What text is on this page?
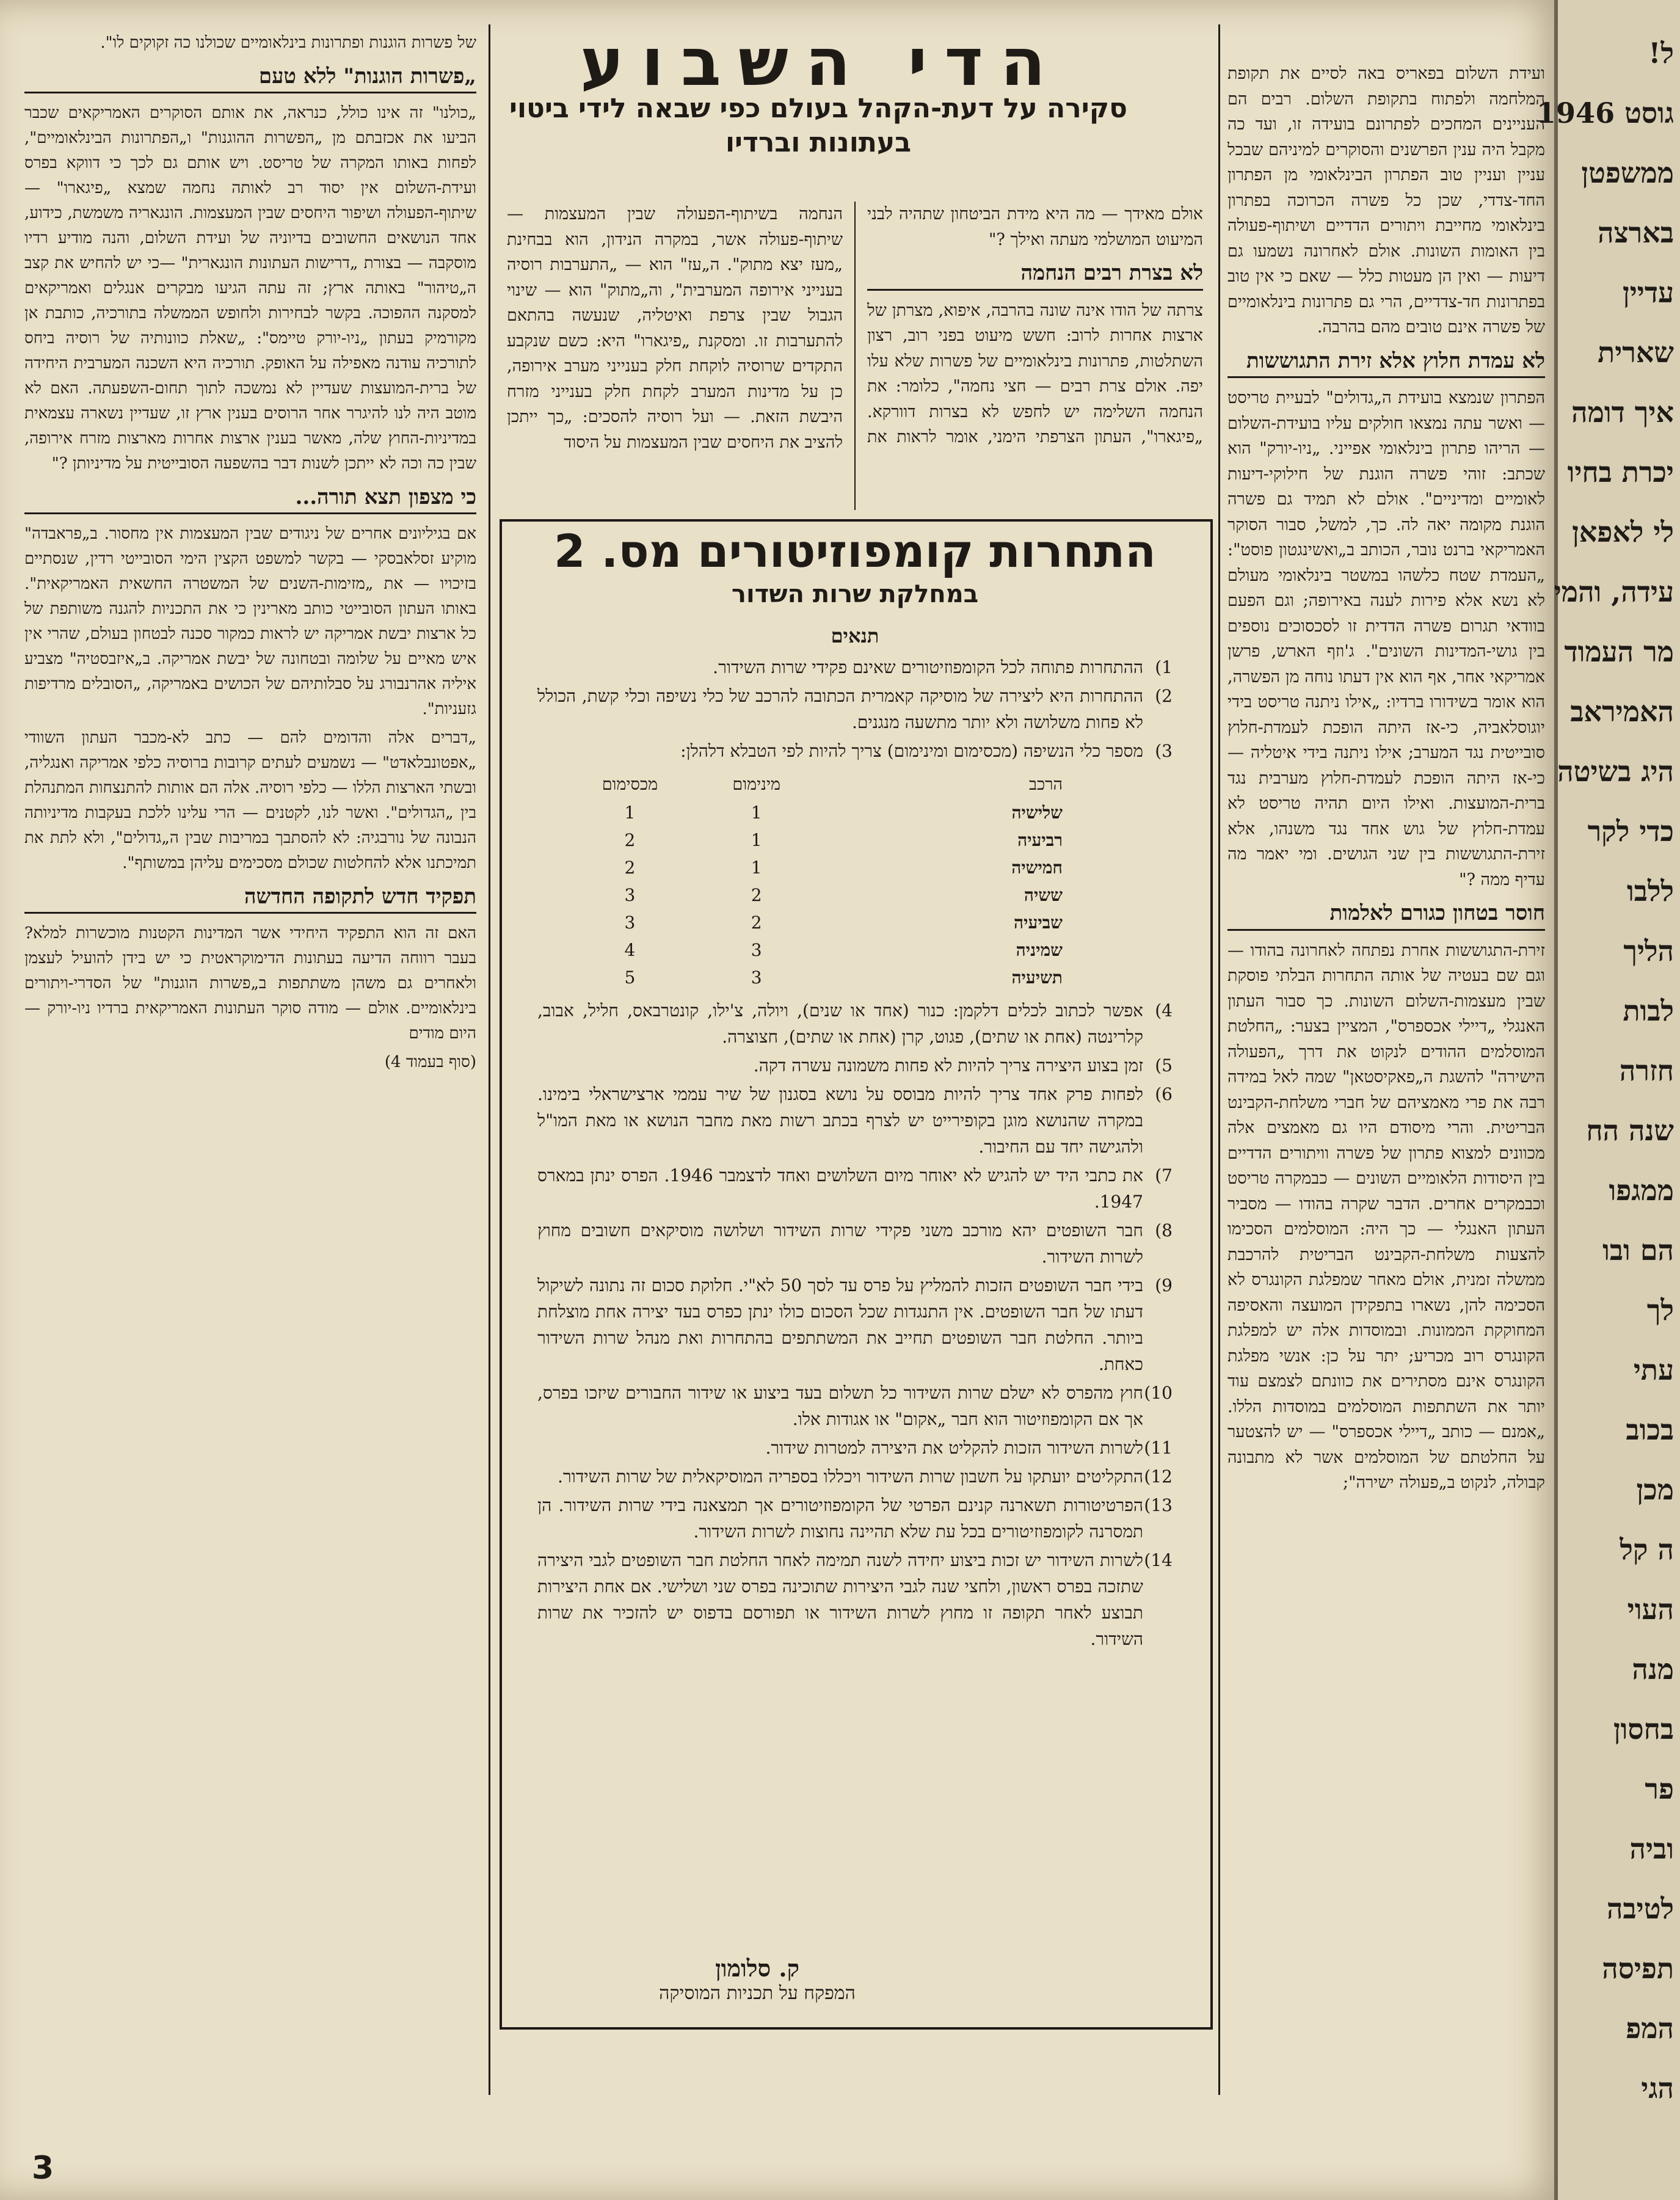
ל!
גוסט 1946
ממשפטן
בארצה
עדיין
שארית
איך דומה
יכרת בחיו
לי לאפאן
עידה, והמי
מר העמוד
האמיראב
היג בשיטה
כדי לקר
ללבו
הליך
לבות
חזרה
שנה הח
ממגפו
הם ובו
לך
עתי
בכוב
מכן
ה קל
העוי
מנה
בחסון
פר
וביה
לטיבה
תפיסה
המפ
הגי
הדי השבוע
סקירה על דעת-הקהל בעולם כפי שבאה לידי ביטוי בעתונות וברדיו

ועידת השלום בפאריס באה לסיים את תקופת המלחמה ולפתוח בתקופת השלום. רבים הם העניינים המחכים לפתרונם בועידה זו, ועד כה מקבל היה ענין הפרשנים והסוקרים למיניהם שבכל עניין ועניין טוב הפתרון הבינלאומי מן הפתרון החד-צדדי, שכן כל פשרה הכרוכה בפתרון בינלאומי מחייבת ויתורים הדדיים ושיתוף-פעולה בין האומות השונות. אולם לאחרונה נשמעו גם דיעות — ואין הן מעטות כלל — שאם כי אין טוב בפתרונות חד-צדדיים, הרי גם פתרונות בינלאומיים של פשרה אינם טובים מהם בהרבה.

לא עמדת חלוץ אלא זירת התגוששות

הפתרון שנמצא בועידת ה„גדולים" לבעיית טריסט — ואשר עתה נמצאו חולקים עליו בועידת-השלום — הריהו פתרון בינלאומי אפייני. „ניו-יורק" הוא שכתב: זוהי פשרה הוגנת של חילוקי-דיעות לאומיים ומדיניים". אולם לא תמיד גם פשרה הוגנת מקומה יאה לה. כך, למשל, סבור הסוקר האמריקאי ברנט נובר, הכותב ב„ואשינגטון פוסט": „העמדת שטח כלשהו במשטר בינלאומי מעולם לא נשא אלא פירות לענה באירופה; וגם הפעם בוודאי תגרום פשרה הדדית זו לסכסוכים נוספים בין גושי-המדינות השונים". ג'וזף הארש, פרשן אמריקאי אחר, אף הוא אין דעתו נוחה מן הפשרה, הוא אומר בשידורו ברדיו: „אילו ניתנה טריסט בידי יוגוסלאביה, כי-אז היתה הופכת לעמדת-חלוץ סובייטית נגד המערב; אילו ניתנה בידי איטליה — כי-אז היתה הופכת לעמדת-חלוץ מערבית נגד ברית-המועצות. ואילו היום תהיה טריסט לא עמדת-חלוץ של גוש אחד נגד משנהו, אלא זירת-התגוששות בין שני הגושים. ומי יאמר מה עדיף ממה ?"

חוסר בטחון כגורם לאלמות

זירת-התגוששות אחרת נפתחה לאחרונה בהודו — וגם שם בעטיה של אותה התחרות הבלתי פוסקת שבין מעצמות-השלום השונות. כך סבור העתון האנגלי „דיילי אכספרס", המציין בצער: „החלטת המוסלמים ההודים לנקוט את דרך „הפעולה הישירה" להשגת ה„פאקיסטאן" שמה לאל במידה רבה את פרי מאמציהם של חברי משלחת-הקבינט הבריטית. והרי מיסודם היו גם מאמצים אלה מכוונים למצוא פתרון של פשרה וויתורים הדדיים בין היסודות הלאומיים השונים — כבמקרה טריסט וכבמקרים אחרים. הדבר שקרה בהודו — מסביר העתון האנגלי — כך היה: המוסלמים הסכימו להצעות משלחת-הקבינט הבריטית להרכבת ממשלה זמנית, אולם מאחר שמפלגת הקונגרס לא הסכימה להן, נשארו בתפקידן המועצה והאסיפה המחוקקת הממונות. ובמוסדות אלה יש למפלגת הקונגרס רוב מכריע; יתר על כן: אנשי מפלגת הקונגרס אינם מסתירים את כוונתם לצמצם עוד יותר את השתתפות המוסלמים במוסדות הללו. „אמנם — כותב „דיילי אכספרס" — יש להצטער על החלטתם של המוסלמים אשר לא מתבונה קבולה, לנקוט ב„פעולה ישירה";

אולם מאידך — מה היא מידת הביטחון שתהיה לבני המיעוט המושלמי מעתה ואילך ?"

לא בצרת רבים הנחמה

צרתה של הודו אינה שונה בהרבה, איפוא, מצרתן של ארצות אחרות לרוב: חשש מיעוט בפני רוב, רצון השתלטות, פתרונות בינלאומיים של פשרות שלא עלו יפה. אולם צרת רבים — חצי נחמה", כלומר: את הנחמה השלימה יש לחפש לא בצרות דוורקא. „פיגארו", העתון הצרפתי הימני, אומר לראות את הנחמה בשיתוף-הפעולה שבין המעצמות — שיתוף-פעולה אשר, במקרה הנידון, הוא בבחינת „מעז יצא מתוק". ה„עז" הוא — „התערבות רוסיה בענייני אירופה המערבית", וה„מתוק" הוא — שינוי הגבול שבין צרפת ואיטליה, שנעשה בהתאם להתערבות זו. ומסקנת „פיגארו" היא: כשם שנקבע התקדים שרוסיה לוקחת חלק בענייני מערב אירופה, כן על מדינות המערב לקחת חלק בענייני מזרח היבשת הזאת. — ועל רוסיה להסכים: „כך ייתכן להציב את היחסים שבין המעצמות על היסוד

של פשרות הוגנות ופתרונות בינלאומיים שכולנו כה זקוקים לו".

„פשרות הוגנות" ללא טעם

„כולנו" זה אינו כולל, כנראה, את אותם הסוקרים האמריקאים שכבר הביעו את אכזבתם מן „הפשרות ההוגנות" ו„הפתרונות הבינלאומיים", לפחות באותו המקרה של טריסט. ויש אותם גם לכך כי דווקא בפרס ועידת-השלום אין יסוד רב לאותה נחמה שמצא „פיגארו" — שיתוף-הפעולה ושיפור היחסים שבין המעצמות. הונגאריה משמשת, כידוע, אחד הנושאים החשובים בדיוניה של ועידת השלום, והנה מודיע רדיו מוסקבה — בצורת „דרישות העתונות הונגארית" —כי יש להחיש את קצב ה„טיהור" באותה ארץ; זה עתה הגיעו מבקרים אנגלים ואמריקאים למסקנה ההפוכה. בקשר לבחירות ולחופש הממשלה בתורכיה, כותבת אן מקורמיק בעתון „ניו-יורק טיימס": „שאלת כוונותיה של רוסיה ביחס לתורכיה עודנה מאפילה על האופק. תורכיה היא השכנה המערבית היחידה של ברית-המועצות שעדיין לא נמשכה לתוך תחום-השפעתה. האם לא מוטב היה לנו להיגרר אחר הרוסים בענין ארץ זו, שעדיין נשארה עצמאית במדיניות-החוץ שלה, מאשר בענין ארצות אחרות מארצות מזרח אירופה, שבין כה וכה לא ייתכן לשנות דבר בהשפעה הסובייטית על מדיניותן ?"

כי מצפון תצא תורה...

אם בגיליונים אחרים של ניגודים שבין המעצמות אין מחסור. ב„פראבדה" מוקיע זסלאבסקי — בקשר למשפט הקצין הימי הסובייטי רדין, שנסתיים בזיכויו — את „מזימות-השנים של המשטרה החשאית האמריקאית". באותו העתון הסובייטי כותב מארינין כי את התכניות להגנה משותפת של כל ארצות יבשת אמריקה יש לראות כמקור סכנה לבטחון בעולם, שהרי אין איש מאיים על שלומה ובטחונה של יבשת אמריקה. ב„איזבסטיה" מצביע איליה אהרנבורג על סבלותיהם של הכושים באמריקה, „הסובלים מרדיפות גזעניות".

„דברים אלה והדומים להם — כתב לא-מכבר העתון השוודי „אפטונבלאדט" — נשמעים לעתים קרובות ברוסיה כלפי אמריקה ואנגליה, ובשתי הארצות הללו — כלפי רוסיה. אלה הם אותות להתנצחות המתנהלת בין „הגדולים". ואשר לנו, לקטנים — הרי עלינו ללכת בעקבות מדיניותה הנבונה של נורבגיה: לא להסתבך במריבות שבין ה„גדולים", ולא לתת את תמיכתנו אלא להחלטות שכולם מסכימים עליהן במשותף".

תפקיד חדש לתקופה החדשה

האם זה הוא התפקיד היחידי אשר המדינות הקטנות מוכשרות למלא? בעבר רווחה הדיעה בעתונות הדימוקראטית כי יש בידן להועיל לעצמן ולאחרים גם משהן משתתפות ב„פשרות הוגנות" של הסדרי-ויתורים בינלאומיים. אולם — מודה סוקר העתונות האמריקאית ברדיו ניו-יורק — היום מודים

(סוף בעמוד 4)

התחרות קומפוזיטורים מס. 2
במחלקת שרות השדור
תנאים
1)
ההתחרות פתוחה לכל הקומפוזיטורים שאינם פקידי שרות השידור.
2)
ההתחרות היא ליצירה של מוסיקה קאמרית הכתובה להרכב של כלי נשיפה וכלי קשת, הכולל לא פחות משלושה ולא יותר מתשעה מנגנים.
3)
מספר כלי הנשיפה (מכסימום ומינימום) צריך להיות לפי הטבלא דלהלן:
הרכב	מינימום	מכסימום
שלישיה	1	1
רביעיה	1	2
חמישיה	1	2
ששיה	2	3
שביעיה	2	3
שמיניה	3	4
תשיעיה	3	5
4)
אפשר לכתוב לכלים דלקמן: כנור (אחד או שנים), ויולה, צ'ילו, קונטרבאס, חליל, אבוב, קלרינטה (אחת או שתים), פגוט, קרן (אחת או שתים), חצוצרה.
5)
זמן בצוע היצירה צריך להיות לא פחות משמונה עשרה דקה.
6)
לפחות פרק אחד צריך להיות מבוסס על נושא בסגנון של שיר עממי ארצישראלי בימינו. במקרה שהנושא מוגן בקופירייט יש לצרף בכתב רשות מאת מחבר הנושא או מאת המו"ל ולהגישה יחד עם החיבור.
7)
את כתבי היד יש להגיש לא יאוחר מיום השלושים ואחד לדצמבר 1946. הפרס ינתן במארס 1947.
8)
חבר השופטים יהא מורכב משני פקידי שרות השידור ושלושה מוסיקאים חשובים מחוץ לשרות השידור.
9)
בידי חבר השופטים הזכות להמליץ על פרס עד לסך 50 לא"י. חלוקת סכום זה נתונה לשיקול דעתו של חבר השופטים. אין התנגדות שכל הסכום כולו ינתן כפרס בעד יצירה אחת מוצלחת ביותר. החלטת חבר השופטים תחייב את המשתתפים בהתחרות ואת מנהל שרות השידור כאחת.
10)
חוץ מהפרס לא ישלם שרות השידור כל תשלום בעד ביצוע או שידור החבורים שיזכו בפרס, אך אם הקומפוזיטור הוא חבר „אקום" או אגודות אלו.
11)
לשרות השידור הזכות להקליט את היצירה למטרות שידור.
12)
התקליטים יועתקו על חשבון שרות השידור ויכללו בספריה המוסיקאלית של שרות השידור.
13)
הפרטיטורות תשארנה קנינם הפרטי של הקומפוזיטורים אך תמצאנה בידי שרות השידור. הן תמסרנה לקומפוזיטורים בכל עת שלא תהיינה נחוצות לשרות השידור.
14)
לשרות השידור יש זכות ביצוע יחידה לשנה תמימה לאחר החלטת חבר השופטים לגבי היצירה שתזכה בפרס ראשון, ולחצי שנה לגבי היצירות שתוכינה בפרס שני ושלישי. אם אחת היצירות תבוצע לאחר תקופה זו מחוץ לשרות השידור או תפורסם בדפוס יש להזכיר את שרות השידור.
ק. סלומון
המפקח על תכניות המוסיקה
3
